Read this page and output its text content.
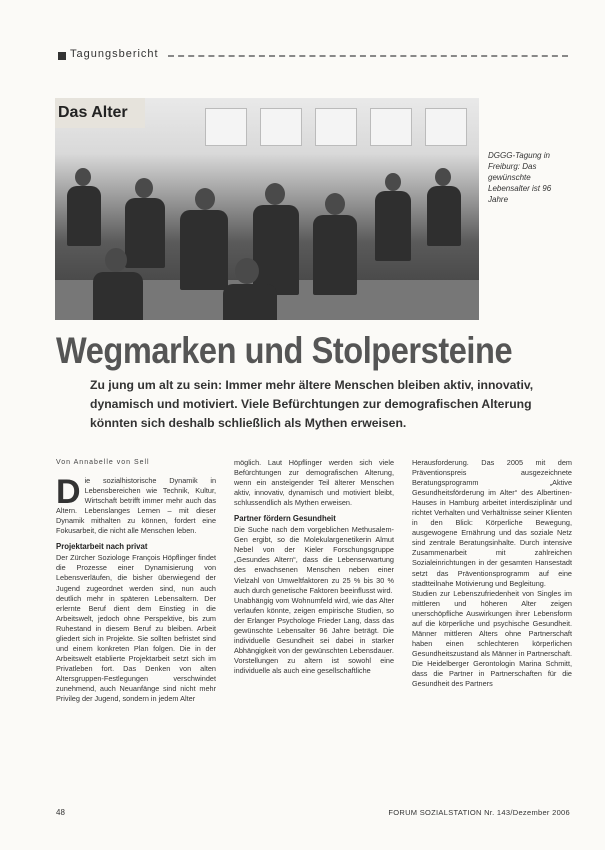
Tagungsbericht
Das Alter
DGGG-Tagung in Freiburg: Das gewünschte Lebensalter ist 96 Jahre
Wegmarken und Stolpersteine
Zu jung um alt zu sein: Immer mehr ältere Menschen bleiben aktiv, innovativ, dynamisch und motiviert. Viele Befürchtungen zur demografischen Alterung könnten sich deshalb schließlich als Mythen erweisen.

Von Annabelle von Sell

Die sozialhistorische Dynamik in Lebensbereichen wie Technik, Kultur, Wirtschaft betrifft immer mehr auch das Altern. Lebenslanges Lernen – mit dieser Dynamik mithalten zu können, fordert eine Fokusarbeit, die nicht alle Menschen leben.

Projektarbeit nach privat

Der Zürcher Soziologe François Höpflinger findet die Prozesse einer Dynamisierung von Lebensverläufen, die bisher überwiegend der Jugend zugeordnet werden sind, nun auch deutlich mehr in späteren Lebensaltern. Der erlernte Beruf dient dem Einstieg in die Arbeitswelt, jedoch ohne Perspektive, bis zum Ruhestand in diesem Beruf zu bleiben. Arbeit gliedert sich in Projekte. Sie sollten befristet sind und einem konkreten Plan folgen. Die in der Arbeitswelt etablierte Projektarbeit setzt sich im Privatleben fort. Das Denken von alten Altersgruppen-Festlegungen verschwindet zunehmend, auch Neuanfänge sind nicht mehr Privileg der Jugend, sondern in jedem Alter

möglich. Laut Höpflinger werden sich viele Befürchtungen zur demografischen Alterung, wenn ein ansteigender Teil älterer Menschen aktiv, innovativ, dynamisch und motiviert bleibt, schlussendlich als Mythen erweisen.

Partner fördern Gesundheit

Die Suche nach dem vorgeblichen Methusalem-Gen ergibt, so die Molekulargenetikerin Almut Nebel von der Kieler Forschungsgruppe „Gesundes Altern“, dass die Lebenserwartung des erwachsenen Menschen neben einer Vielzahl von Umweltfaktoren zu 25 % bis 30 % auch durch genetische Faktoren beeinflusst wird.

Unabhängig vom Wohnumfeld wird, wie das Alter verlaufen könnte, zeigen empirische Studien, so der Erlanger Psychologe Frieder Lang, dass das gewünschte Lebensalter 96 Jahre beträgt. Die individuelle Gesundheit sei dabei in starker Abhängigkeit von der gewünschten Lebensdauer.

Vorstellungen zu altern ist sowohl eine individuelle als auch eine gesellschaftliche

Herausforderung. Das 2005 mit dem Präventionspreis ausgezeichnete Beratungsprogramm „Aktive Gesundheitsförderung im Alter“ des Albertinen-Hauses in Hamburg arbeitet interdisziplinär und richtet Verhalten und Verhältnisse seiner Klienten in den Blick: Körperliche Bewegung, ausgewogene Ernährung und das soziale Netz sind zentrale Beratungsinhalte. Durch intensive Zusammenarbeit mit zahlreichen Sozialeinrichtungen in der gesamten Hansestadt setzt das Präventionsprogramm auf eine stadtteilnahe Motivierung und Begleitung.

Studien zur Lebenszufriedenheit von Singles im mittleren und höheren Alter zeigen unerschöpfliche Auswirkungen ihrer Lebensform auf die körperliche und psychische Gesundheit. Männer mittleren Alters ohne Partnerschaft haben einen schlechteren körperlichen Gesundheitszustand als Männer in Partnerschaft. Die Heidelberger Gerontologin Marina Schmitt, dass die Partner in Partnerschaften für die Gesundheit des Partners

48	FORUM SOZIALSTATION Nr. 143/Dezember 2006
